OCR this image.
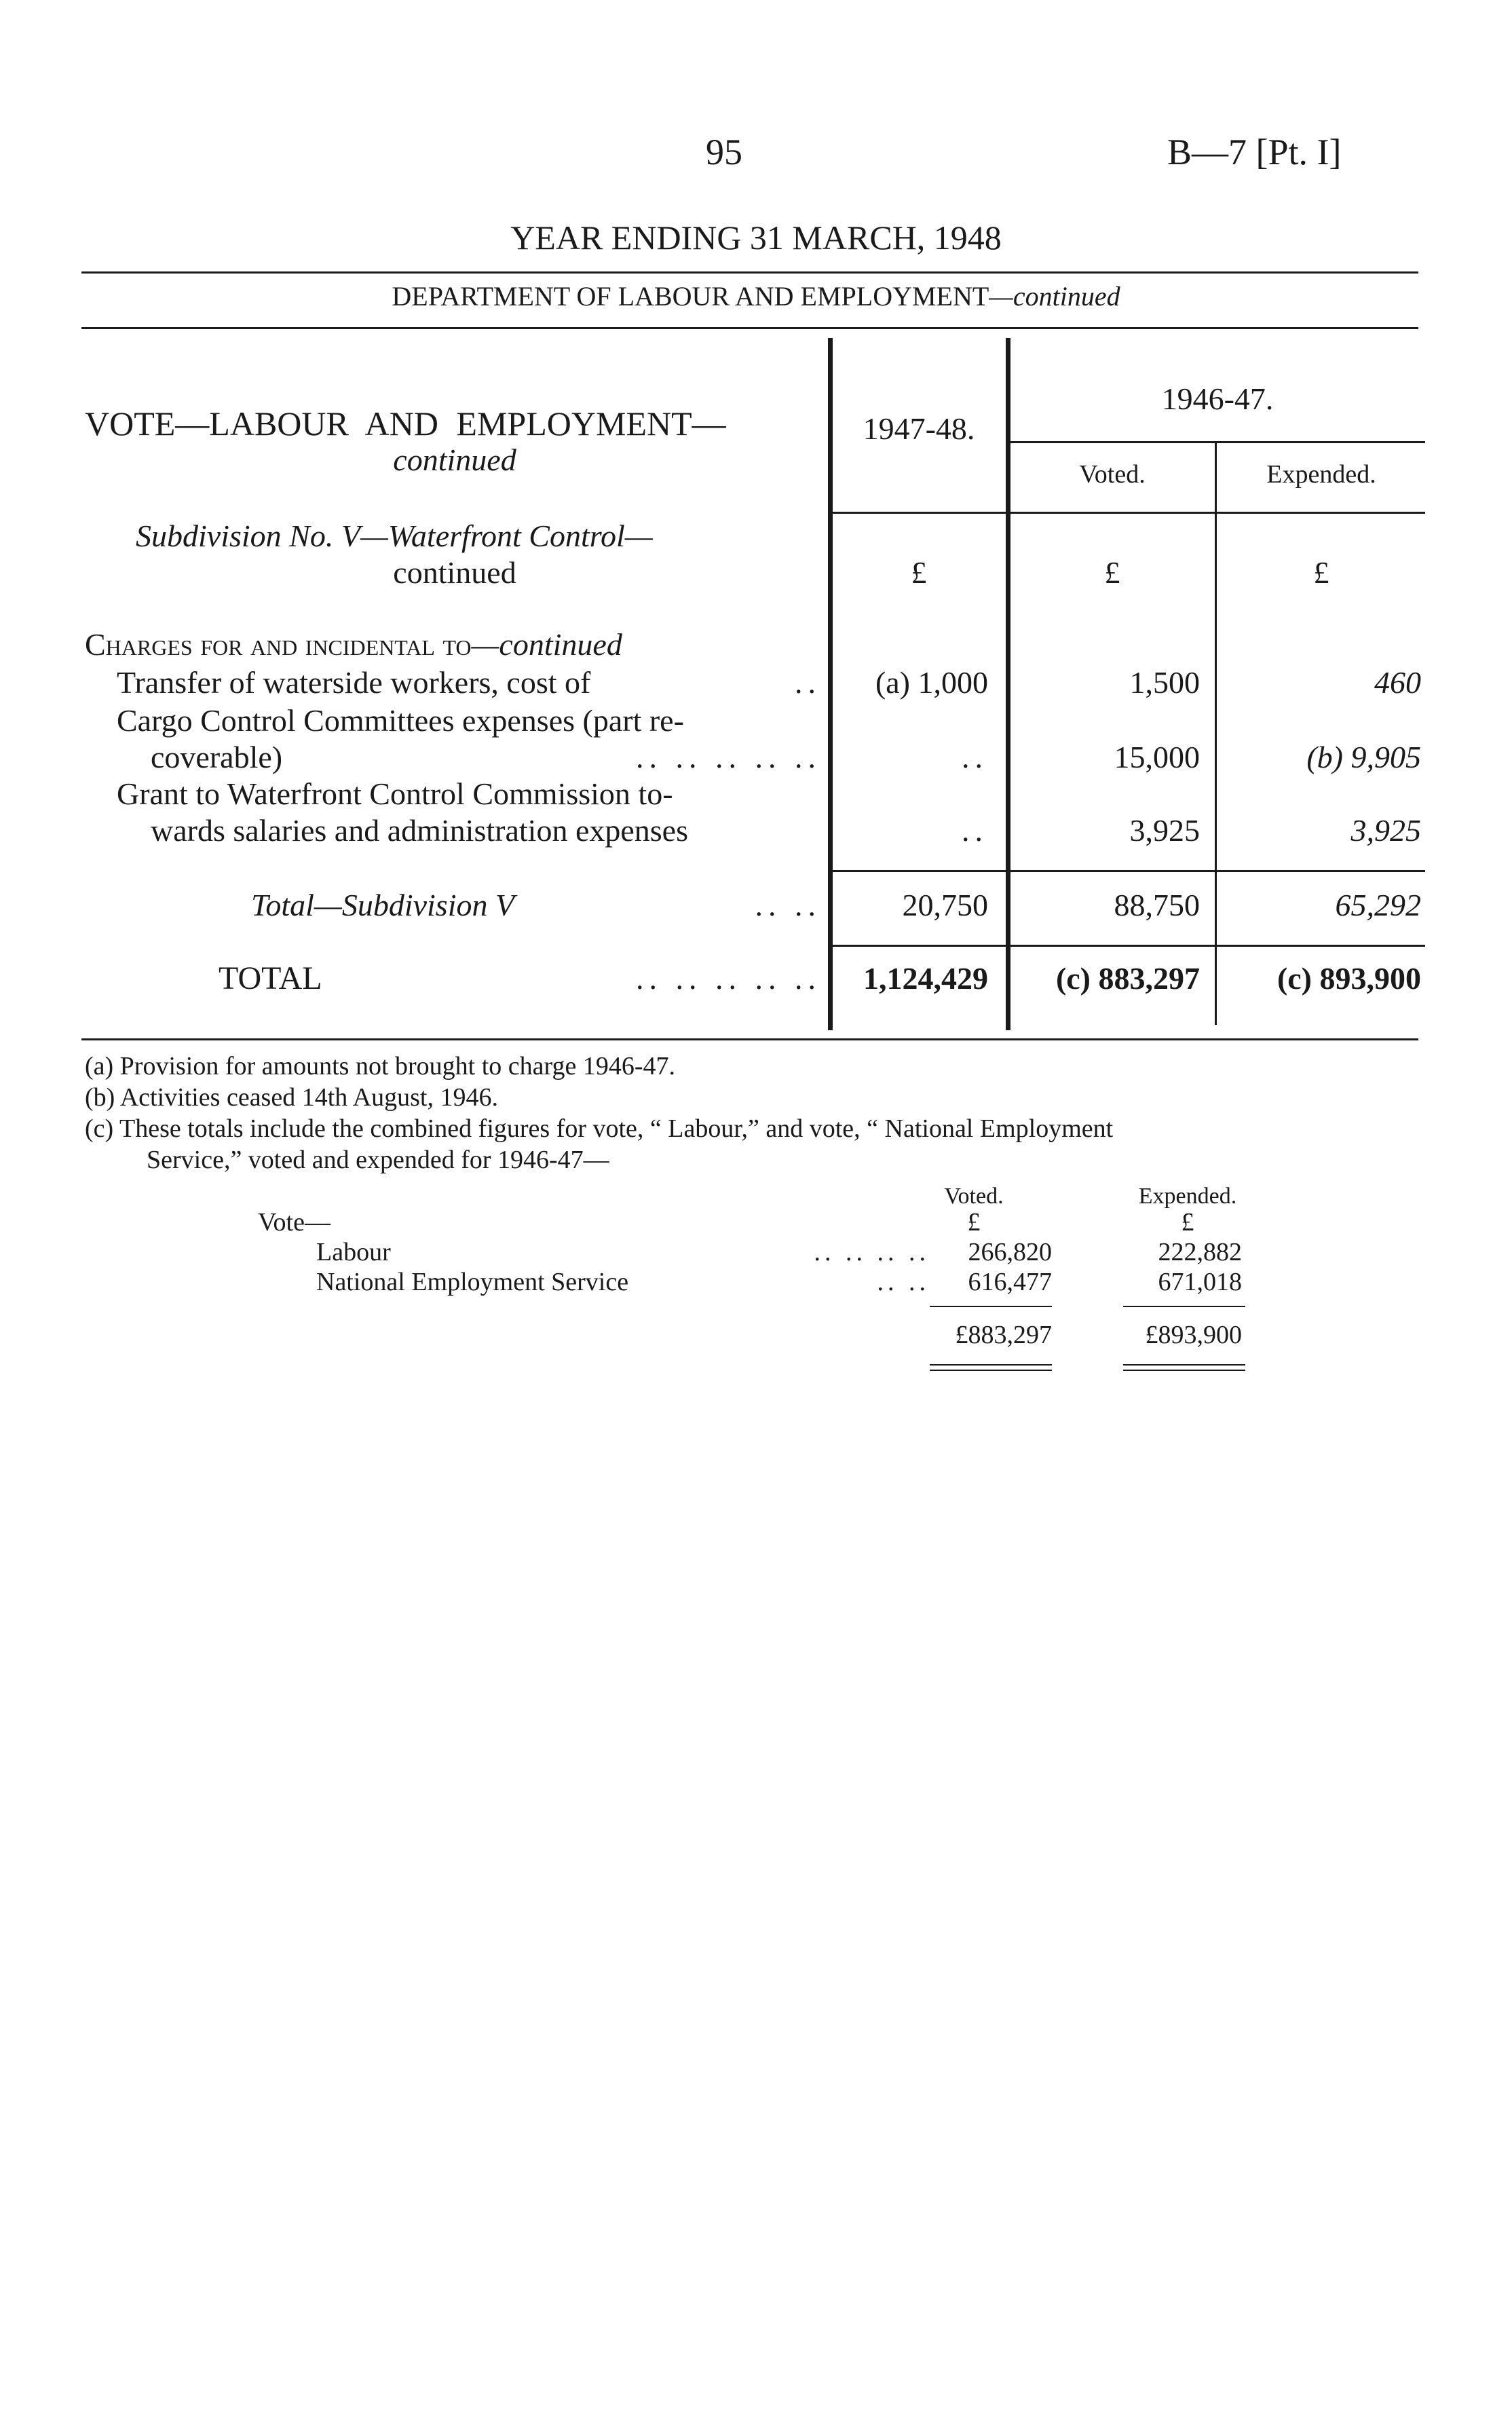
95	B—7 [Pt. I]
YEAR ENDING 31 MARCH, 1948
DEPARTMENT OF LABOUR AND EMPLOYMENT—continued
VOTE—LABOUR AND EMPLOYMENT—
continued
1947-48.
1946-47.
Voted.	Expended.
Subdivision No. V—Waterfront Control—
continued	£	£	£
Charges for and incidental to—continued
Transfer of waterside workers, cost of	..	(a) 1,000	1,500	460
Cargo Control Committees expenses (part re-
coverable)	.. .. .. .. ..	..	15,000	(b) 9,905
Grant to Waterfront Control Commission to-
wards salaries and administration expenses	..	3,925	3,925
Total—Subdivision V	.. ..	20,750	88,750	65,292
TOTAL	.. .. .. .. ..	1,124,429	(c) 883,297	(c) 893,900
(a) Provision for amounts not brought to charge 1946-47.
(b) Activities ceased 14th August, 1946.
(c) These totals include the combined figures for vote, “ Labour,” and vote, “ National Employment
Service,” voted and expended for 1946-47—
Voted.	Expended.
£	£
Vote—
Labour	.. .. .. ..	266,820	222,882
National Employment Service	.. ..	616,477	671,018
£883,297	£893,900
